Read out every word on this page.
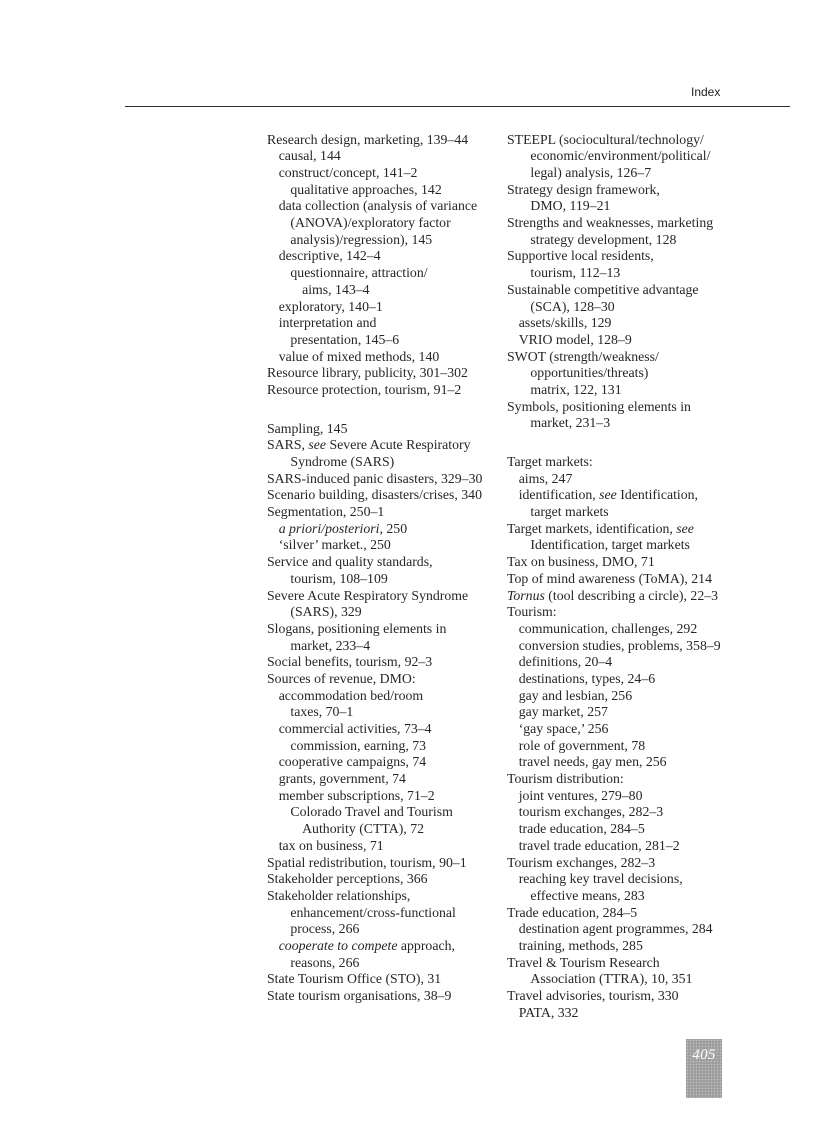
Index
Research design, marketing, 139–44
causal, 144
construct/concept, 141–2
qualitative approaches, 142
data collection (analysis of variance
(ANOVA)/exploratory factor
analysis)/regression), 145
descriptive, 142–4
questionnaire, attraction/
aims, 143–4
exploratory, 140–1
interpretation and
presentation, 145–6
value of mixed methods, 140
Resource library, publicity, 301–302
Resource protection, tourism, 91–2
Sampling, 145
SARS, see Severe Acute Respiratory
Syndrome (SARS)
SARS-induced panic disasters, 329–30
Scenario building, disasters/crises, 340
Segmentation, 250–1
a priori/posteriori, 250
‘silver’ market., 250
Service and quality standards,
tourism, 108–109
Severe Acute Respiratory Syndrome
(SARS), 329
Slogans, positioning elements in
market, 233–4
Social benefits, tourism, 92–3
Sources of revenue, DMO:
accommodation bed/room
taxes, 70–1
commercial activities, 73–4
commission, earning, 73
cooperative campaigns, 74
grants, government, 74
member subscriptions, 71–2
Colorado Travel and Tourism
Authority (CTTA), 72
tax on business, 71
Spatial redistribution, tourism, 90–1
Stakeholder perceptions, 366
Stakeholder relationships,
enhancement/cross-functional
process, 266
cooperate to compete approach,
reasons, 266
State Tourism Office (STO), 31
State tourism organisations, 38–9
STEEPL (sociocultural/technology/
economic/environment/political/
legal) analysis, 126–7
Strategy design framework,
DMO, 119–21
Strengths and weaknesses, marketing
strategy development, 128
Supportive local residents,
tourism, 112–13
Sustainable competitive advantage
(SCA), 128–30
assets/skills, 129
VRIO model, 128–9
SWOT (strength/weakness/
opportunities/threats)
matrix, 122, 131
Symbols, positioning elements in
market, 231–3
Target markets:
aims, 247
identification, see Identification,
target markets
Target markets, identification, see
Identification, target markets
Tax on business, DMO, 71
Top of mind awareness (ToMA), 214
Tornus (tool describing a circle), 22–3
Tourism:
communication, challenges, 292
conversion studies, problems, 358–9
definitions, 20–4
destinations, types, 24–6
gay and lesbian, 256
gay market, 257
‘gay space,’ 256
role of government, 78
travel needs, gay men, 256
Tourism distribution:
joint ventures, 279–80
tourism exchanges, 282–3
trade education, 284–5
travel trade education, 281–2
Tourism exchanges, 282–3
reaching key travel decisions,
effective means, 283
Trade education, 284–5
destination agent programmes, 284
training, methods, 285
Travel & Tourism Research
Association (TTRA), 10, 351
Travel advisories, tourism, 330
PATA, 332
405
